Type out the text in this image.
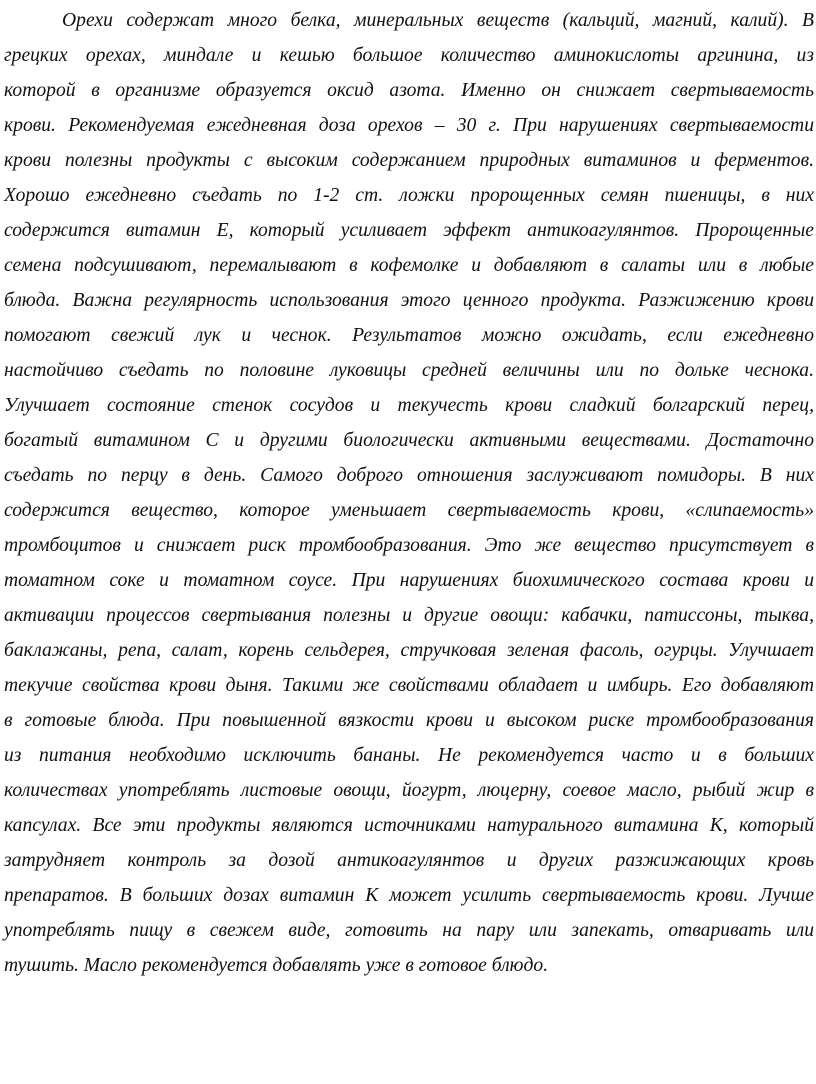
Орехи содержат много белка, минеральных веществ (кальций, магний, калий). В
грецких орехах, миндале и кешью большое количество аминокислоты аргинина, из
которой в организме образуется оксид азота. Именно он снижает свертываемость
крови. Рекомендуемая ежедневная доза орехов – 30 г. При нарушениях свертываемости
крови полезны продукты с высоким содержанием природных витаминов и ферментов.
Хорошо ежедневно съедать по 1-2 ст. ложки пророщенных семян пшеницы, в них
содержится витамин Е, который усиливает эффект антикоагулянтов. Пророщенные
семена подсушивают, перемалывают в кофемолке и добавляют в салаты или в любые
блюда. Важна регулярность использования этого ценного продукта. Разжижению крови
помогают свежий лук и чеснок. Результатов можно ожидать, если ежедневно
настойчиво съедать по половине луковицы средней величины или по дольке чеснока.
Улучшает состояние стенок сосудов и текучесть крови сладкий болгарский перец,
богатый витамином С и другими биологически активными веществами. Достаточно
съедать по перцу в день. Самого доброго отношения заслуживают помидоры. В них
содержится вещество, которое уменьшает свертываемость крови, «слипаемость»
тромбоцитов и снижает риск тромбообразования. Это же вещество присутствует в
томатном соке и томатном соусе. При нарушениях биохимического состава крови и
активации процессов свертывания полезны и другие овощи: кабачки, патиссоны, тыква,
баклажаны, репа, салат, корень сельдерея, стручковая зеленая фасоль, огурцы. Улучшает
текучие свойства крови дыня. Такими же свойствами обладает и имбирь. Его добавляют
в готовые блюда. При повышенной вязкости крови и высоком риске тромбообразования
из питания необходимо исключить бананы. Не рекомендуется часто и в больших
количествах употреблять листовые овощи, йогурт, люцерну, соевое масло, рыбий жир в
капсулах. Все эти продукты являются источниками натурального витамина К, который
затрудняет контроль за дозой антикоагулянтов и других разжижающих кровь
препаратов. В больших дозах витамин К может усилить свертываемость крови. Лучше
употреблять пищу в свежем виде, готовить на пару или запекать, отваривать или
тушить. Масло рекомендуется добавлять уже в готовое блюдо.
